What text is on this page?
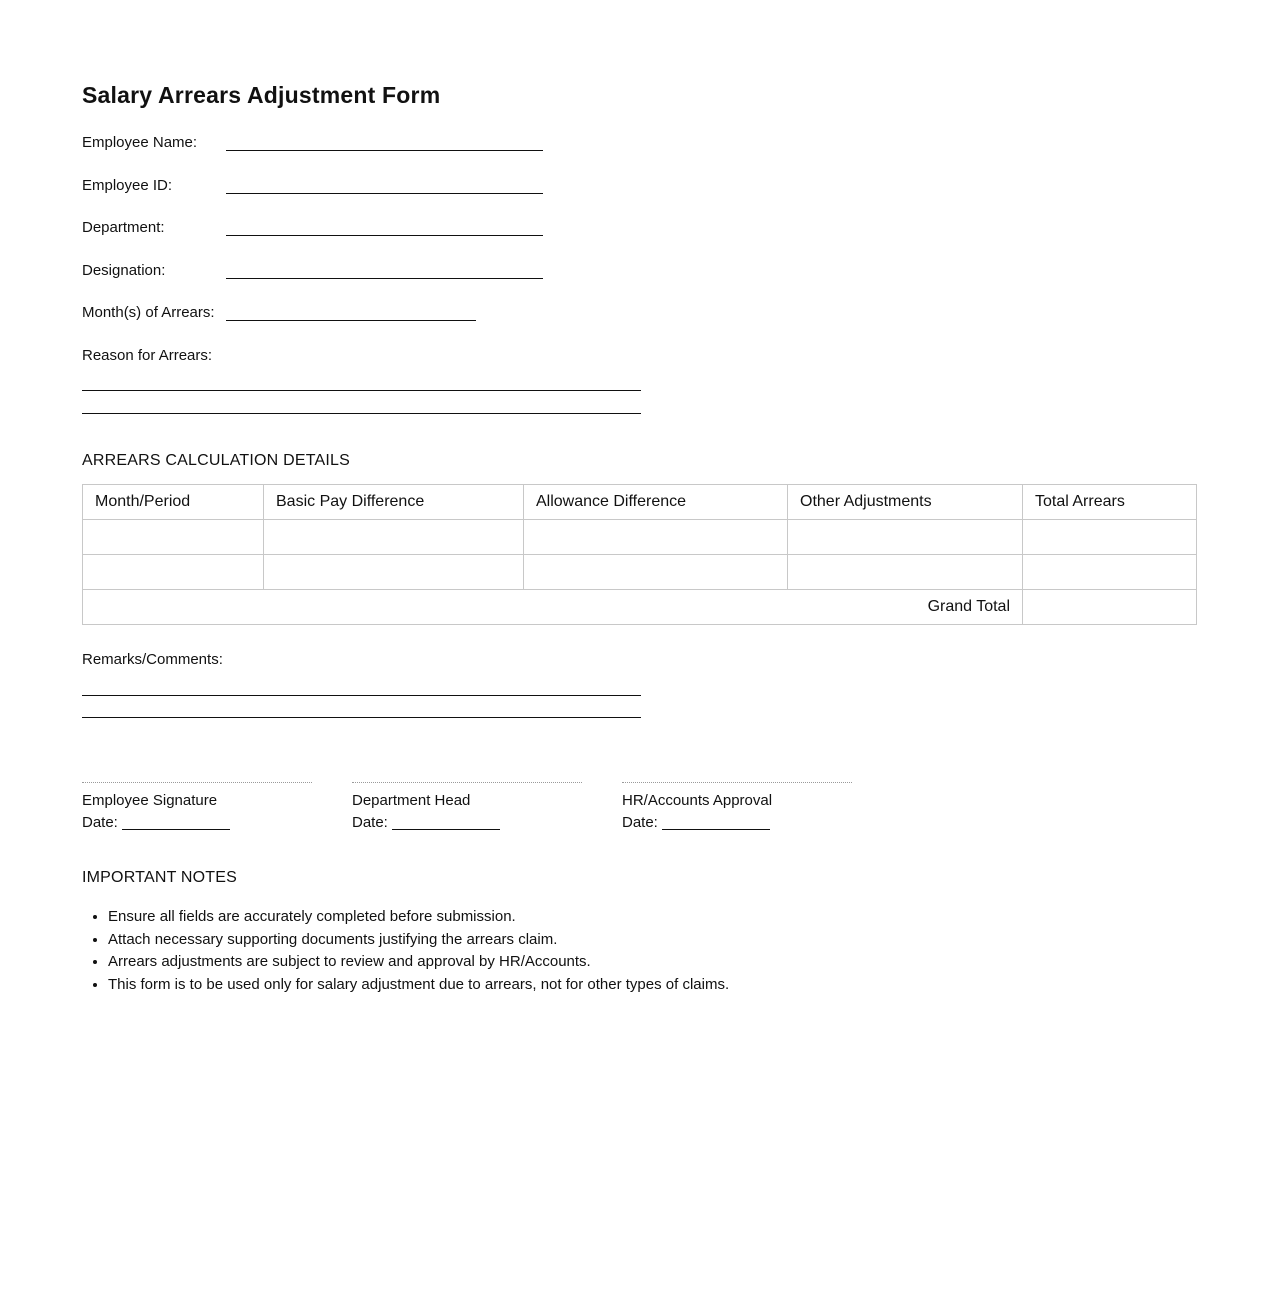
Salary Arrears Adjustment Form
Employee Name:
Employee ID:
Department:
Designation:
Month(s) of Arrears:
Reason for Arrears:
ARREARS CALCULATION DETAILS
Month/Period	Basic Pay Difference	Allowance Difference	Other Adjustments	Total Arrears

Grand Total				
Remarks/Comments:
Employee Signature
Date:
Department Head
Date:
HR/Accounts Approval
Date:
IMPORTANT NOTES
• Ensure all fields are accurately completed before submission.
• Attach necessary supporting documents justifying the arrears claim.
• Arrears adjustments are subject to review and approval by HR/Accounts.
• This form is to be used only for salary adjustment due to arrears, not for other types of claims.
